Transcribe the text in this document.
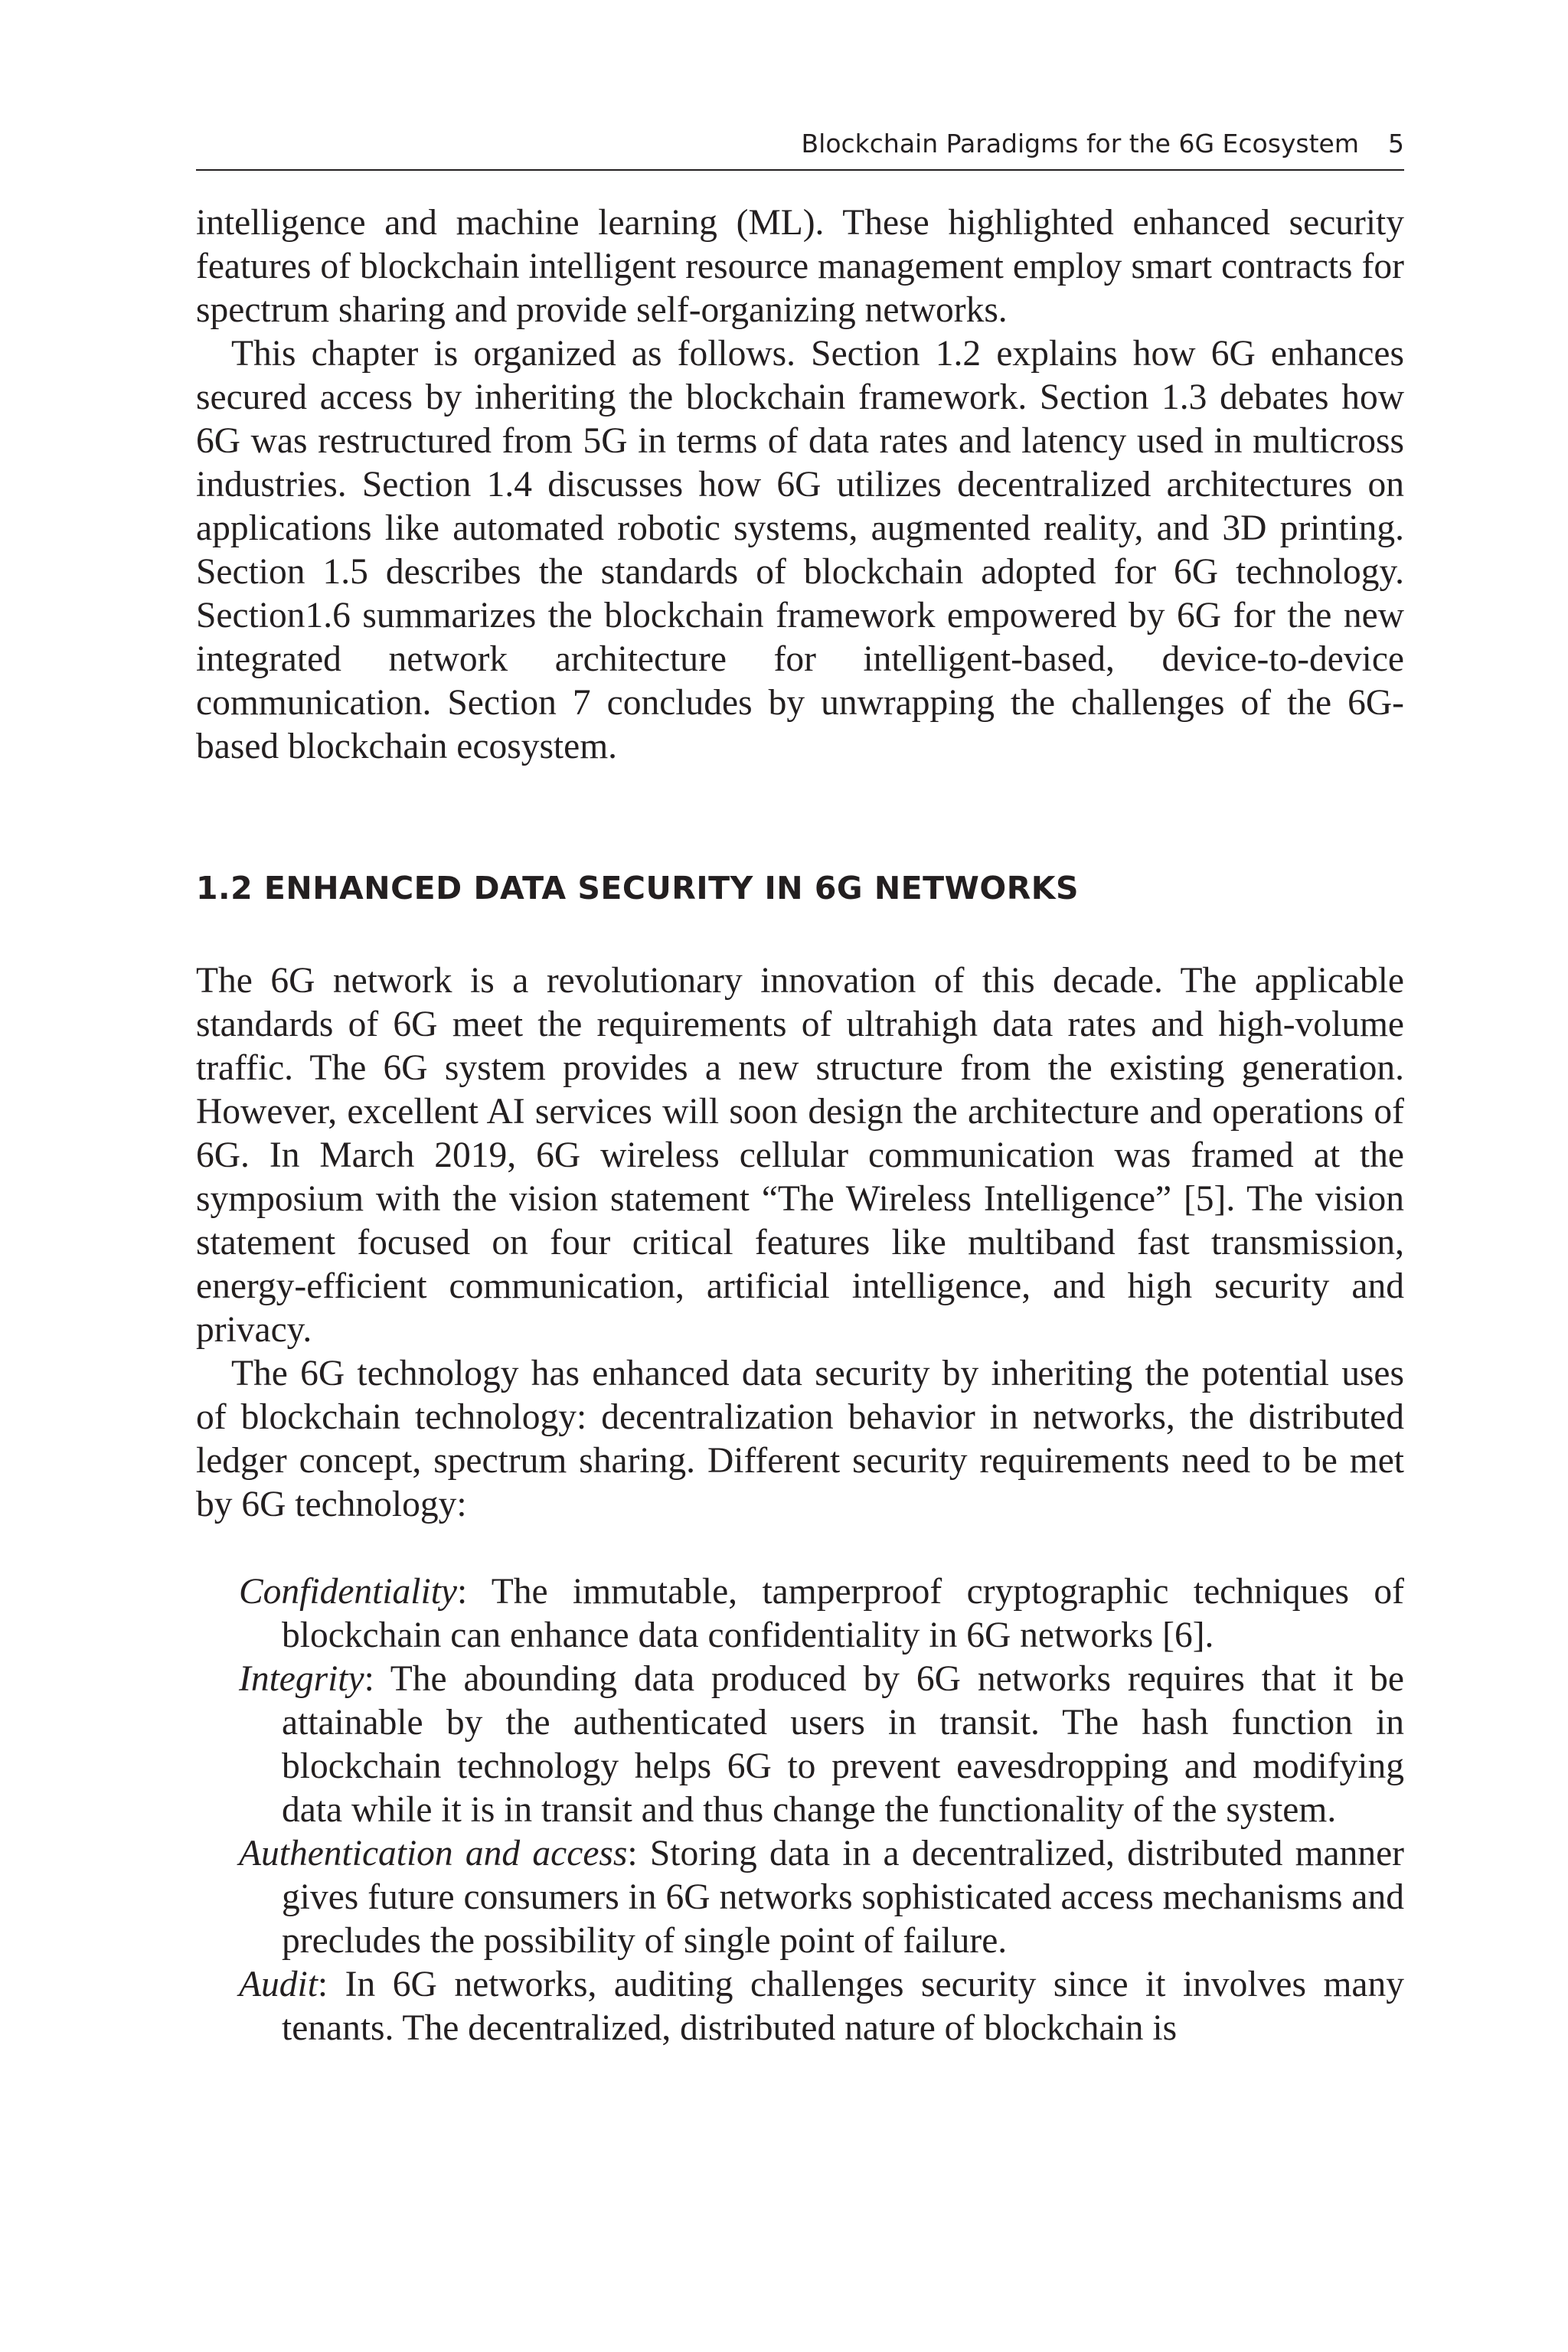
Blockchain Paradigms for the 6G Ecosystem 5

intelligence and machine learning (ML). These highlighted enhanced security features of blockchain intelligent resource management employ smart contracts for spectrum sharing and provide self-organizing networks.

This chapter is organized as follows. Section 1.2 explains how 6G enhances secured access by inheriting the blockchain framework. Section 1.3 debates how 6G was restructured from 5G in terms of data rates and latency used in multicross industries. Section 1.4 discusses how 6G utilizes decentralized architectures on applications like automated robotic systems, augmented reality, and 3D printing. Section 1.5 describes the standards of blockchain adopted for 6G technology. Section1.6 summarizes the blockchain framework empowered by 6G for the new integrated network architecture for intelligent-based, device-to-device communication. Section 7 concludes by unwrapping the challenges of the 6G-based blockchain ecosystem.

1.2 ENHANCED DATA SECURITY IN 6G NETWORKS

The 6G network is a revolutionary innovation of this decade. The applicable standards of 6G meet the requirements of ultrahigh data rates and high-volume traffic. The 6G system provides a new structure from the existing generation. However, excellent AI services will soon design the architecture and operations of 6G. In March 2019, 6G wireless cellular communication was framed at the symposium with the vision statement “The Wireless Intelligence” [5]. The vision statement focused on four critical features like multiband fast transmission, energy-efficient communication, artificial intelligence, and high security and privacy.

The 6G technology has enhanced data security by inheriting the potential uses of blockchain technology: decentralization behavior in networks, the distributed ledger concept, spectrum sharing. Different security requirements need to be met by 6G technology:

Confidentiality: The immutable, tamperproof cryptographic techniques of blockchain can enhance data confidentiality in 6G networks [6].

Integrity: The abounding data produced by 6G networks requires that it be attainable by the authenticated users in transit. The hash function in blockchain technology helps 6G to prevent eavesdropping and modifying data while it is in transit and thus change the functionality of the system.

Authentication and access: Storing data in a decentralized, distributed manner gives future consumers in 6G networks sophisticated access mechanisms and precludes the possibility of single point of failure.

Audit: In 6G networks, auditing challenges security since it involves many tenants. The decentralized, distributed nature of blockchain is
